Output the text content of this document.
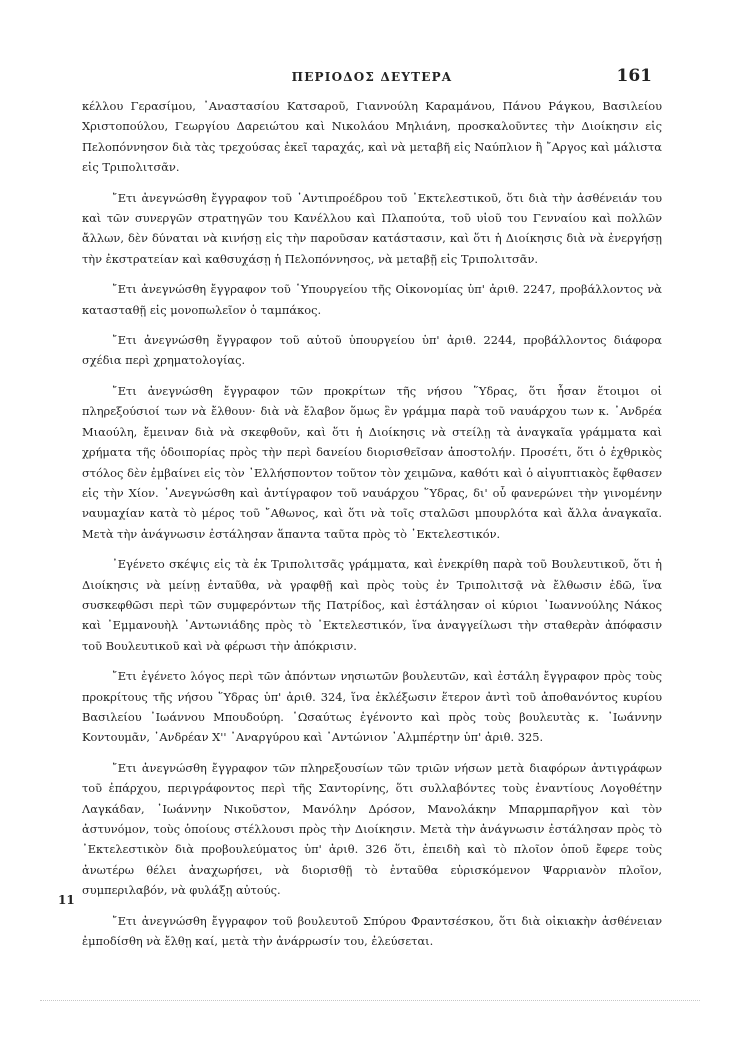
ΠΕΡΙΟΔΟΣ ΔΕΥΤΕΡΑ	161

κέλλου Γερασίμου, ᾿Αναστασίου Κατσαροῦ, Γιαννούλη Καραμάνου, Πάνου Ράγκου, Βασιλείου Χριστοπούλου, Γεωργίου Δαρειώτου καὶ Νικολάου Μηλιάνη, προσκαλοῦντες τὴν Διοίκησιν εἰς Πελοπόννησον διὰ τὰς τρεχούσας ἐκεῖ ταραχάς, καὶ νὰ μεταβῆ εἰς Ναύπλιον ἢ ῎Αργος καὶ μάλιστα εἰς Τριπολιτσᾶν.

῎Ετι ἀνεγνώσθη ἔγγραφον τοῦ ᾿Αντιπροέδρου τοῦ ᾿Εκτελεστικοῦ, ὅτι διὰ τὴν ἀσθένειάν του καὶ τῶν συνεργῶν στρατηγῶν του Κανέλλου καὶ Πλαπούτα, τοῦ υἱοῦ του Γενναίου καὶ πολλῶν ἄλλων, δὲν δύναται νὰ κινήσῃ εἰς τὴν παροῦσαν κατάστασιν, καὶ ὅτι ἡ Διοίκησις διὰ νὰ ἐνεργήσῃ τὴν ἐκστρατείαν καὶ καθσυχάσῃ ἡ Πελοπόννησος, νὰ μεταβῇ εἰς Τριπολιτσᾶν.

῎Ετι ἀνεγνώσθη ἔγγραφον τοῦ ῾Υπουργείου τῆς Οἰκονομίας ὑπ' ἀριθ. 2247, προβάλλοντος νὰ κατασταθῇ εἰς μονοπωλεῖον ὁ ταμπάκος.

῎Ετι ἀνεγνώσθη ἔγγραφον τοῦ αὐτοῦ ὑπουργείου ὑπ' ἀριθ. 2244, προβάλλοντος διάφορα σχέδια περὶ χρηματολογίας.

῎Ετι ἀνεγνώσθη ἔγγραφον τῶν προκρίτων τῆς νήσου ῞Υδρας, ὅτι ἦσαν ἕτοιμοι οἱ πληρεξούσιοί των νὰ ἔλθουν· διὰ νὰ ἔλαβον ὅμως ἓν γράμμα παρὰ τοῦ ναυάρχου των κ. ᾿Ανδρέα Μιαούλη, ἔμειναν διὰ νὰ σκεφθοῦν, καὶ ὅτι ἡ Διοίκησις νὰ στείλῃ τὰ ἀναγκαῖα γράμματα καὶ χρήματα τῆς ὁδοιπορίας πρὸς τὴν περὶ δανείου διορισθεῖσαν ἀποστολήν. Προσέτι, ὅτι ὁ ἐχθρικὸς στόλος δὲν ἐμβαίνει εἰς τὸν ᾿Ελλήσποντον τοῦτον τὸν χειμῶνα, καθότι καὶ ὁ αἰγυπτιακὸς ἔφθασεν εἰς τὴν Χίον. ᾿Ανεγνώσθη καὶ ἀντίγραφον τοῦ ναυάρχου ῞Υδρας, δι' οὗ φανερώνει τὴν γινομένην ναυμαχίαν κατὰ τὸ μέρος τοῦ ῎Αθωνος, καὶ ὅτι νὰ τοῖς σταλῶσι μπουρλότα καὶ ἄλλα ἀναγκαῖα. Μετὰ τὴν ἀνάγνωσιν ἐστάλησαν ἅπαντα ταῦτα πρὸς τὸ ᾿Εκτελεστικόν.

᾿Εγένετο σκέψις εἰς τὰ ἐκ Τριπολιτσᾶς γράμματα, καὶ ἐνεκρίθη παρὰ τοῦ Βουλευτικοῦ, ὅτι ἡ Διοίκησις νὰ μείνῃ ἐνταῦθα, νὰ γραφθῇ καὶ πρὸς τοὺς ἐν Τριπολιτσᾷ νὰ ἔλθωσιν ἐδῶ, ἵνα συσκεφθῶσι περὶ τῶν συμφερόντων τῆς Πατρίδος, καὶ ἐστάλησαν οἱ κύριοι ᾿Ιωαννούλης Νάκος καὶ ᾿Εμμανουὴλ ᾿Αντωνιάδης πρὸς τὸ ᾿Εκτελεστικόν, ἵνα ἀναγγείλωσι τὴν σταθερὰν ἀπόφασιν τοῦ Βουλευτικοῦ καὶ νὰ φέρωσι τὴν ἀπόκρισιν.

῎Ετι ἐγένετο λόγος περὶ τῶν ἀπόντων νησιωτῶν βουλευτῶν, καὶ ἐστάλη ἔγγραφον πρὸς τοὺς προκρίτους τῆς νήσου ῞Υδρας ὑπ' ἀριθ. 324, ἵνα ἐκλέξωσιν ἕτερον ἀντὶ τοῦ ἀποθανόντος κυρίου Βασιλείου ᾿Ιωάννου Μπουδούρη. ῾Ωσαύτως ἐγένοντο καὶ πρὸς τοὺς βουλευτὰς κ. ᾿Ιωάννην Κοντουμᾶν, ᾿Ανδρέαν Χ'' ᾿Αναργύρου καὶ ᾿Αντώνιον ᾿Αλμπέρτην ὑπ' ἀριθ. 325.

῎Ετι ἀνεγνώσθη ἔγγραφον τῶν πληρεξουσίων τῶν τριῶν νήσων μετὰ διαφόρων ἀντιγράφων τοῦ ἐπάρχου, περιγράφοντος περὶ τῆς Σαντορίνης, ὅτι συλλαβόντες τοὺς ἐναντίους Λογοθέτην Λαγκάδαν, ᾿Ιωάννην Νικοῦστον, Μανόλην Δρόσον, Μανολάκην Μπαρμπαρῆγον καὶ τὸν ἀστυνόμον, τοὺς ὁποίους στέλλουσι πρὸς τὴν Διοίκησιν. Μετὰ τὴν ἀνάγνωσιν ἐστάλησαν πρὸς τὸ ᾿Εκτελεστικὸν διὰ προβουλεύματος ὑπ' ἀριθ. 326 ὅτι, ἐπειδὴ καὶ τὸ πλοῖον ὁποῦ ἔφερε τοὺς ἀνωτέρω θέλει ἀναχωρήσει, νὰ διορισθῇ τὸ ἐνταῦθα εὑρισκόμενον Ψαρριανὸν πλοῖον, συμπεριλαβόν, νὰ φυλάξῃ αὐτούς.

῎Ετι ἀνεγνώσθη ἔγγραφον τοῦ βουλευτοῦ Σπύρου Φραντσέσκου, ὅτι διὰ οἰκιακὴν ἀσθένειαν ἐμποδίσθη νὰ ἔλθῃ καί, μετὰ τὴν ἀνάρρωσίν του, ἐλεύσεται.

11
